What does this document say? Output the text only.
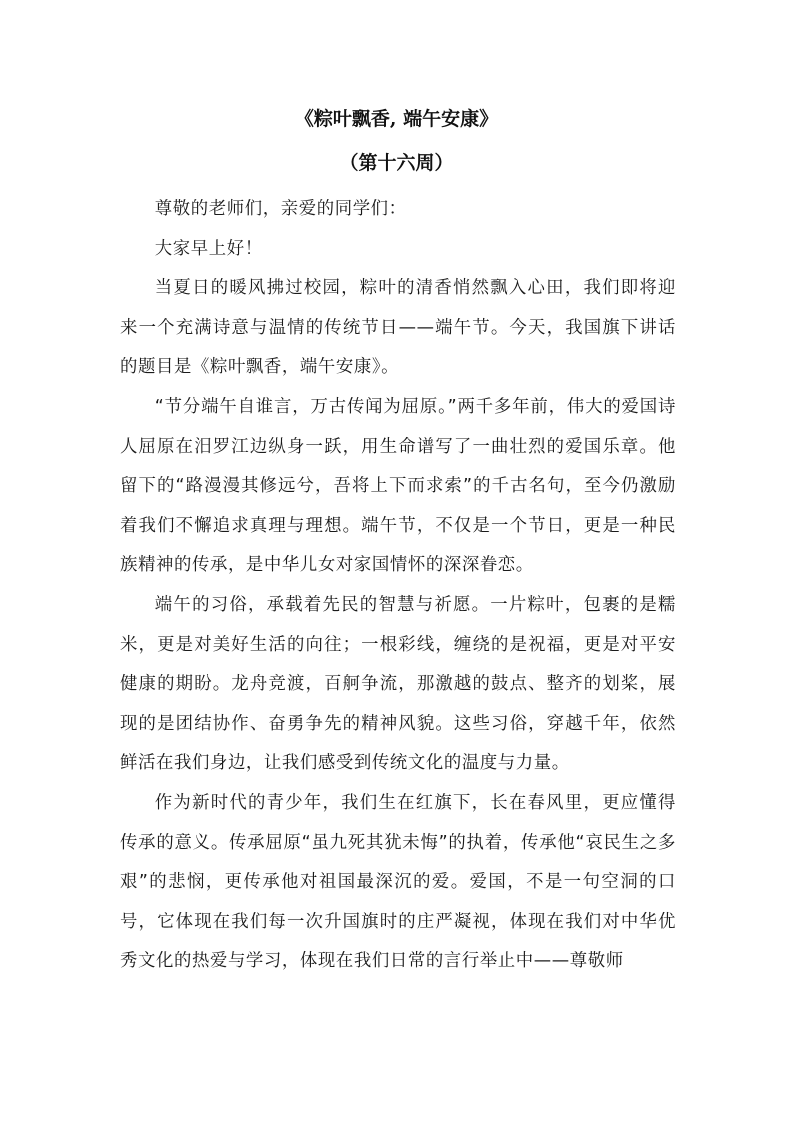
《粽叶飘香, 端午安康》
（第十六周）

尊敬的老师们，亲爱的同学们：

大家早上好！

当夏日的暖风拂过校园，粽叶的清香悄然飘入心田，我们即将迎来一个充满诗意与温情的传统节日——端午节。今天，我国旗下讲话的题目是《粽叶飘香，端午安康》。

“节分端午自谁言，万古传闻为屈原。”两千多年前，伟大的爱国诗人屈原在汨罗江边纵身一跃，用生命谱写了一曲壮烈的爱国乐章。他留下的“路漫漫其修远兮，吾将上下而求索”的千古名句，至今仍激励着我们不懈追求真理与理想。端午节，不仅是一个节日，更是一种民族精神的传承，是中华儿女对家国情怀的深深眷恋。

端午的习俗，承载着先民的智慧与祈愿。一片粽叶，包裹的是糯米，更是对美好生活的向往；一根彩线，缠绕的是祝福，更是对平安健康的期盼。龙舟竞渡，百舸争流，那激越的鼓点、整齐的划桨，展现的是团结协作、奋勇争先的精神风貌。这些习俗，穿越千年，依然鲜活在我们身边，让我们感受到传统文化的温度与力量。

作为新时代的青少年，我们生在红旗下，长在春风里，更应懂得传承的意义。传承屈原“虽九死其犹未悔”的执着，传承他“哀民生之多艰”的悲悯，更传承他对祖国最深沉的爱。爱国，不是一句空洞的口号，它体现在我们每一次升国旗时的庄严凝视，体现在我们对中华优秀文化的热爱与学习，体现在我们日常的言行举止中——尊敬师
